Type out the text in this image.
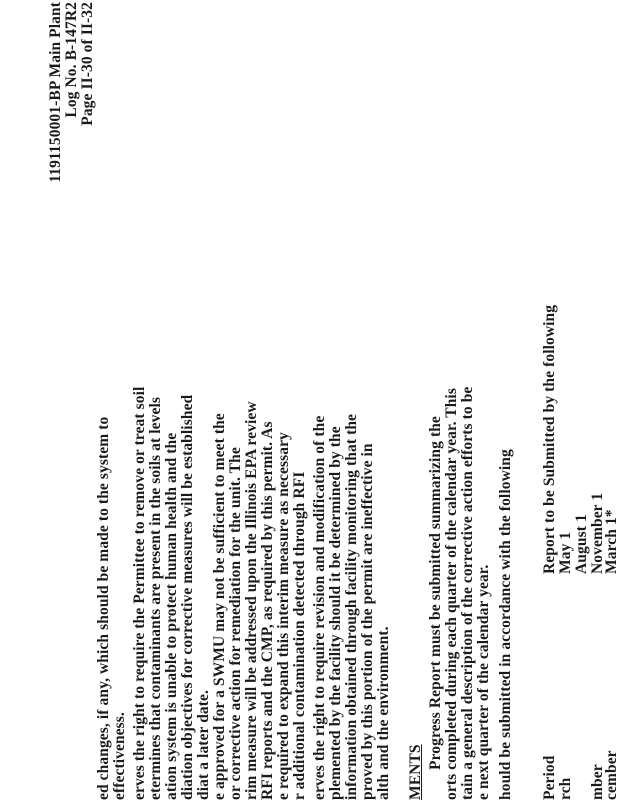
1191150001-BP Main Plant Log No. B-147R2 Page II-30 of II-32
ed changes, if any, which should be made to the system to effectiveness. erves the right to require the Permittee to remove or treat soil etermines that contaminants are present in the soils at levels ation system is unable to protect human health and the diation objectives for corrective measures will be established diat a later date. e approved for a SWMU may not be sufficient to meet the or corrective action for remediation for the unit. The rim measure will be addressed upon the Illinois EPA review RFI reports and the CMP, as required by this permit. As e required to expand this interim measure as necessary r additional contamination detected through RFI erves the right to require revision and modification of the plemented by the facility should it be determined by the information obtained through facility monitoring that the proved by this portion of the permit are ineffective in alth and the environment. MENTS
Progress Report must be submitted summarizing the orts completed during each quarter of the calendar year. This tain a general description of the corrective action efforts to be e next quarter of the calendar year. hould be submitted in accordance with the following Period
Report to be Submitted by the following
rch
May 1 August 1
mber
November 1
cember
March 1*
